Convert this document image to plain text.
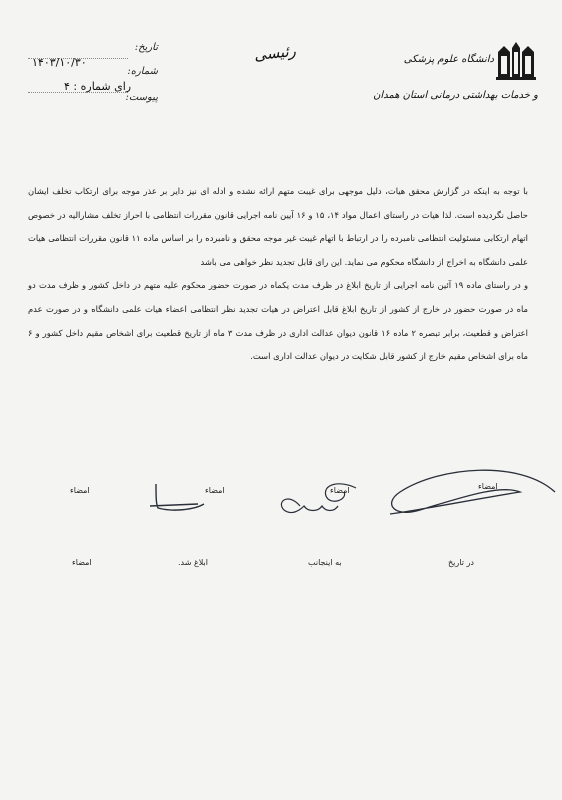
تاریخ:
۱۴۰۳/۱۰/۳۰
شماره:
رای شماره : ۴
پیوست:
رئیسی	دانشگاه علوم پزشکی
و خدمات بهداشتی درمانی استان همدان

با توجه به اینکه در گزارش محقق هیات، دلیل موجهی برای غیبت متهم ارائه نشده و ادله ای نیز دایر بر عذر موجه برای ارتکاب تخلف ایشان حاصل نگردیده است. لذا هیات در راستای اعمال مواد ۱۴، ۱۵ و ۱۶ آیین نامه اجرایی قانون مقررات انتظامی با احراز تخلف مشارالیه در خصوص اتهام ارتکابی مسئولیت انتظامی نامبرده را در ارتباط با اتهام غیبت غیر موجه محقق و نامبرده را بر اساس ماده ۱۱ قانون مقررات انتظامی هیات علمی دانشگاه به اخراج از دانشگاه محکوم می نماید. این رای قابل تجدید نظر خواهی می باشد

و در راستای ماده ۱۹ آئین نامه اجرایی از تاریخ ابلاغ در ظرف مدت یکماه در صورت حضور محکوم علیه متهم در داخل کشور و ظرف مدت دو ماه در صورت حضور در خارج از کشور از تاریخ ابلاغ قابل اعتراض در هیات تجدید نظر انتظامی اعضاء هیات علمی دانشگاه و در صورت عدم اعتراض و قطعیت، برابر تبصره ۲ ماده ۱۶ قانون دیوان عدالت اداری در ظرف مدت ۳ ماه از تاریخ قطعیت برای اشخاص مقیم داخل کشور و ۶ ماه برای اشخاص مقیم خارج از کشور قابل شکایت در دیوان عدالت اداری است.

امضاء
امضاء
امضاء
امضاء
در تاریخ
به اینجانب
ابلاغ شد.
امضاء
